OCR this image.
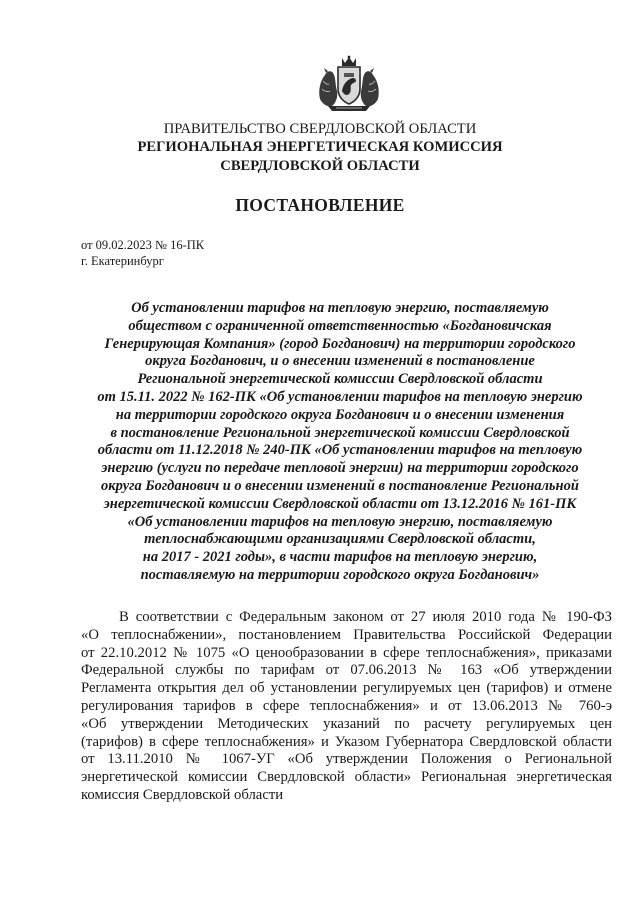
ПРАВИТЕЛЬСТВО СВЕРДЛОВСКОЙ ОБЛАСТИ
РЕГИОНАЛЬНАЯ ЭНЕРГЕТИЧЕСКАЯ КОМИССИЯ
СВЕРДЛОВСКОЙ ОБЛАСТИ
ПОСТАНОВЛЕНИЕ
от 09.02.2023 № 16-ПК
г. Екатеринбург
Об установлении тарифов на тепловую энергию, поставляемую
обществом с ограниченной ответственностью «Богдановичская
Генерирующая Компания» (город Богданович) на территории городского
округа Богданович, и о внесении изменений в постановление
Региональной энергетической комиссии Свердловской области
от 15.11. 2022 № 162-ПК «Об установлении тарифов на тепловую энергию
на территории городского округа Богданович и о внесении изменения
в постановление Региональной энергетической комиссии Свердловской
области от 11.12.2018 № 240-ПК «Об установлении тарифов на тепловую
энергию (услуги по передаче тепловой энергии) на территории городского
округа Богданович и о внесении изменений в постановление Региональной
энергетической комиссии Свердловской области от 13.12.2016 № 161-ПК
«Об установлении тарифов на тепловую энергию, поставляемую
теплоснабжающими организациями Свердловской области,
на 2017 - 2021 годы», в части тарифов на тепловую энергию,
поставляемую на территории городского округа Богданович»
В соответствии с Федеральным законом от 27 июля 2010 года № 190-ФЗ
«О теплоснабжении», постановлением Правительства Российской Федерации
от 22.10.2012 № 1075 «О ценообразовании в сфере теплоснабжения», приказами
Федеральной службы по тарифам от 07.06.2013 № 163 «Об утверждении
Регламента открытия дел об установлении регулируемых цен (тарифов) и отмене
регулирования тарифов в сфере теплоснабжения» и от 13.06.2013 № 760-э
«Об утверждении Методических указаний по расчету регулируемых цен
(тарифов) в сфере теплоснабжения» и Указом Губернатора Свердловской области
от 13.11.2010 № 1067-УГ «Об утверждении Положения о Региональной
энергетической комиссии Свердловской области» Региональная энергетическая
комиссия Свердловской области
